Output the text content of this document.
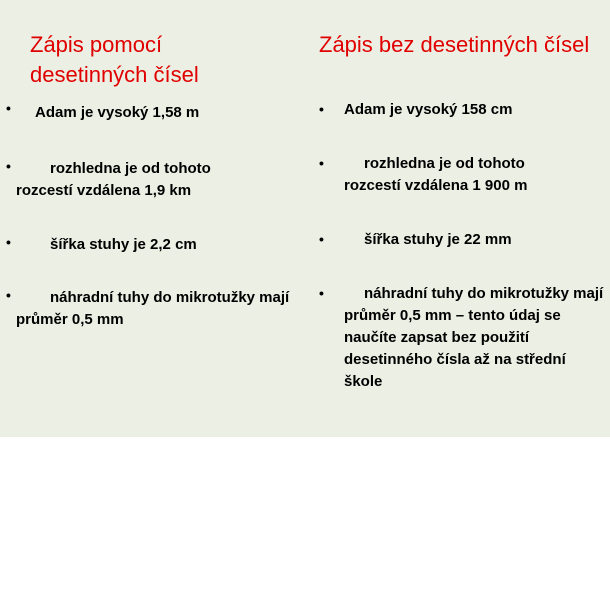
Zápis pomocí desetinných čísel
• Adam je vysoký 1,58 m
•	rozhledna je od tohoto rozcestí vzdálena 1,9 km
•	šířka stuhy je 2,2 cm
•	náhradní tuhy do mikrotužky mají průměr 0,5 mm
Zápis bez desetinných čísel
• Adam je vysoký 158 cm
•	rozhledna je od tohoto rozcestí vzdálena 1 900 m
•	šířka stuhy je 22 mm
•	náhradní tuhy do mikrotužky mají průměr 0,5 mm – tento údaj se naučíte zapsat bez použití desetinného čísla až na střední škole
